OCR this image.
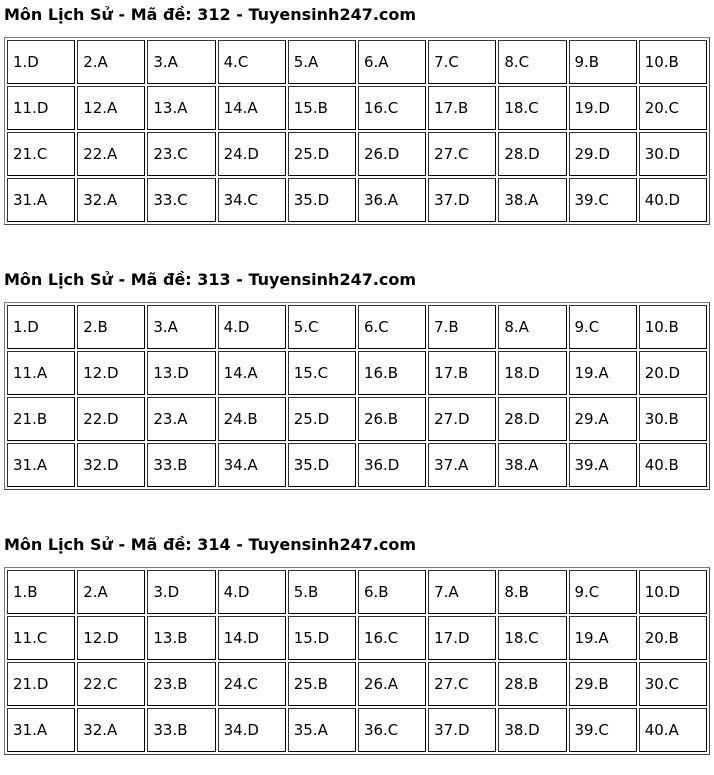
Môn Lịch Sử - Mã đề: 312 - Tuyensinh247.com
1.D	2.A	3.A	4.C	5.A	6.A	7.C	8.C	9.B	10.B
11.D	12.A	13.A	14.A	15.B	16.C	17.B	18.C	19.D	20.C
21.C	22.A	23.C	24.D	25.D	26.D	27.C	28.D	29.D	30.D
31.A	32.A	33.C	34.C	35.D	36.A	37.D	38.A	39.C	40.D
Môn Lịch Sử - Mã đề: 313 - Tuyensinh247.com
1.D	2.B	3.A	4.D	5.C	6.C	7.B	8.A	9.C	10.B
11.A	12.D	13.D	14.A	15.C	16.B	17.B	18.D	19.A	20.D
21.B	22.D	23.A	24.B	25.D	26.B	27.D	28.D	29.A	30.B
31.A	32.D	33.B	34.A	35.D	36.D	37.A	38.A	39.A	40.B
Môn Lịch Sử - Mã đề: 314 - Tuyensinh247.com
1.B	2.A	3.D	4.D	5.B	6.B	7.A	8.B	9.C	10.D
11.C	12.D	13.B	14.D	15.D	16.C	17.D	18.C	19.A	20.B
21.D	22.C	23.B	24.C	25.B	26.A	27.C	28.B	29.B	30.C
31.A	32.A	33.B	34.D	35.A	36.C	37.D	38.D	39.C	40.A
